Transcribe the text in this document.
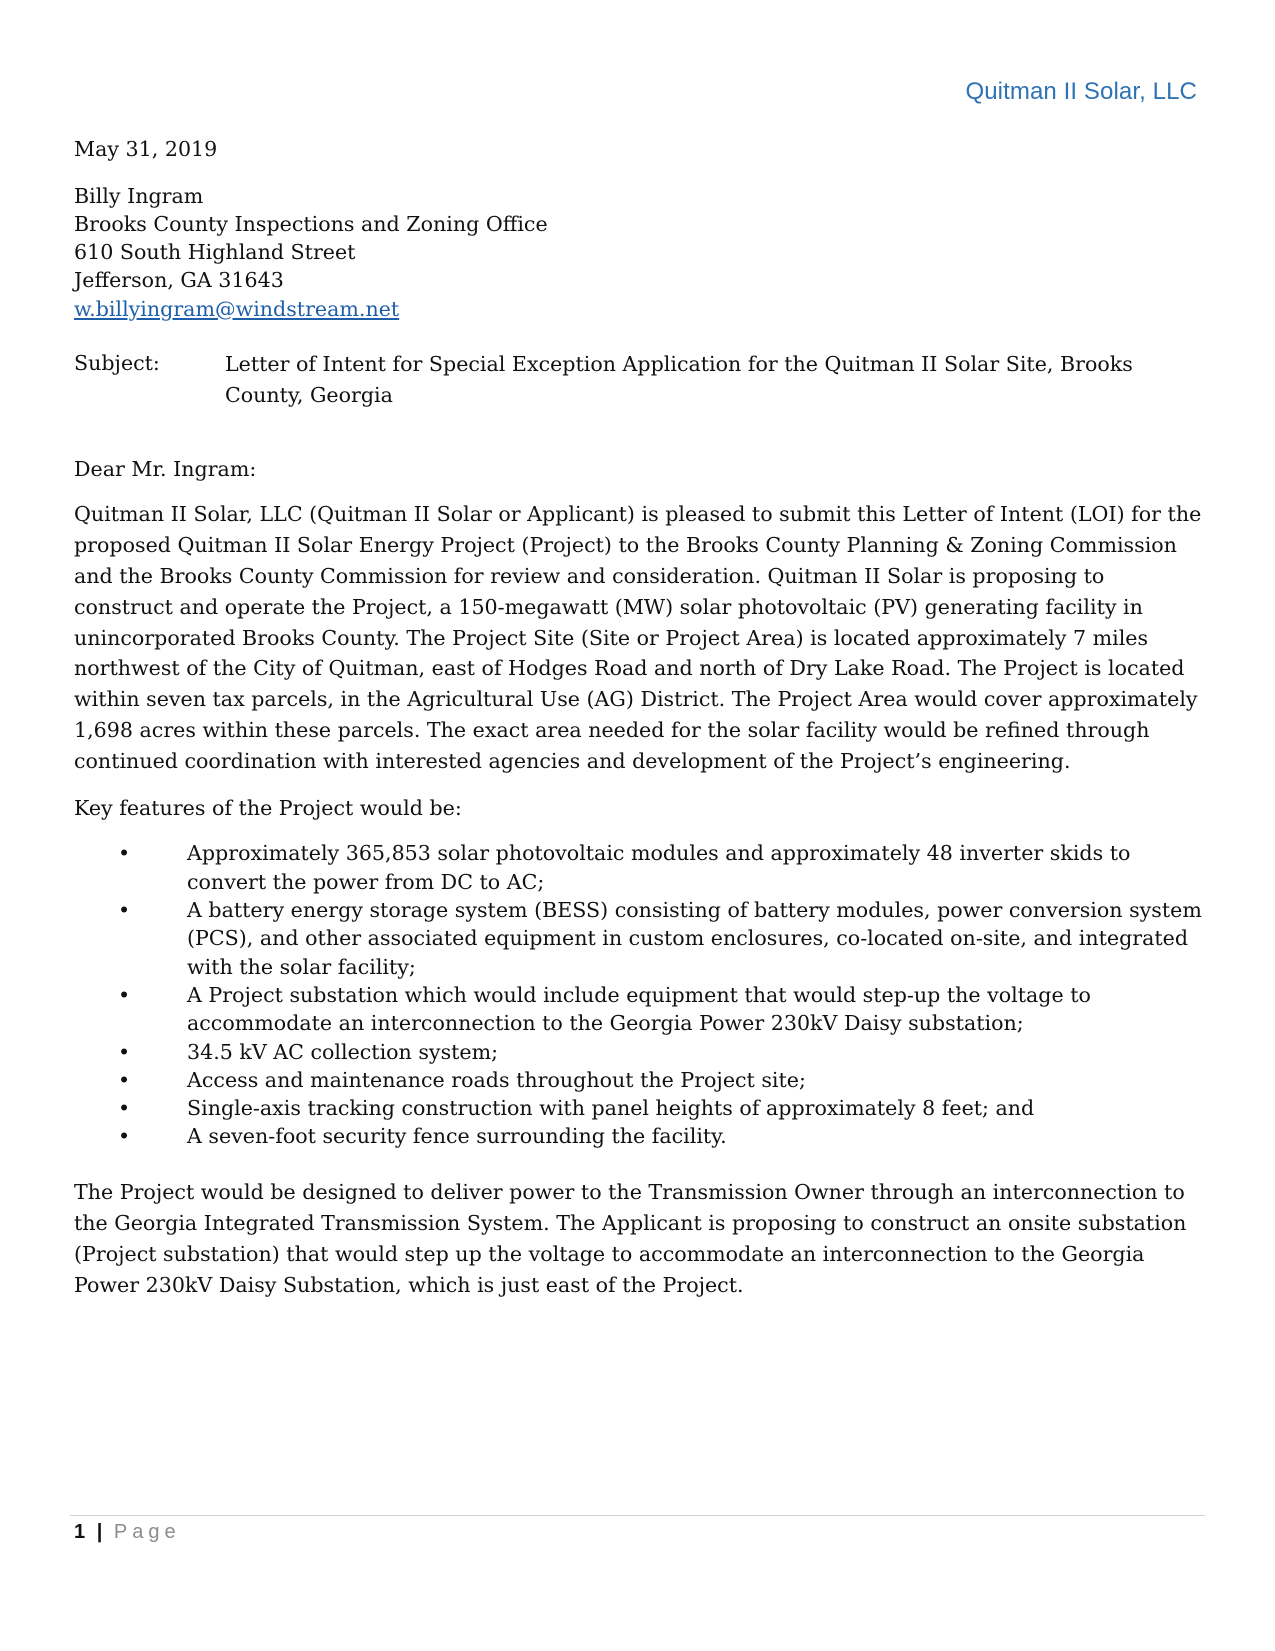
Quitman II Solar, LLC

May 31, 2019

Billy Ingram

Brooks County Inspections and Zoning Office

610 South Highland Street

Jefferson, GA 31643

w.billyingram@windstream.net

Subject:	Letter of Intent for Special Exception Application for the Quitman II Solar Site, Brooks County, Georgia

Dear Mr. Ingram:

Quitman II Solar, LLC (Quitman II Solar or Applicant) is pleased to submit this Letter of Intent (LOI) for the proposed Quitman II Solar Energy Project (Project) to the Brooks County Planning & Zoning Commission and the Brooks County Commission for review and consideration. Quitman II Solar is proposing to construct and operate the Project, a 150-megawatt (MW) solar photovoltaic (PV) generating facility in unincorporated Brooks County. The Project Site (Site or Project Area) is located approximately 7 miles northwest of the City of Quitman, east of Hodges Road and north of Dry Lake Road. The Project is located within seven tax parcels, in the Agricultural Use (AG) District. The Project Area would cover approximately 1,698 acres within these parcels. The exact area needed for the solar facility would be refined through continued coordination with interested agencies and development of the Project’s engineering.

Key features of the Project would be:

•	Approximately 365,853 solar photovoltaic modules and approximately 48 inverter skids to convert the power from DC to AC;
•	A battery energy storage system (BESS) consisting of battery modules, power conversion system (PCS), and other associated equipment in custom enclosures, co-located on-site, and integrated with the solar facility;
•	A Project substation which would include equipment that would step-up the voltage to accommodate an interconnection to the Georgia Power 230kV Daisy substation;
•	34.5 kV AC collection system;
•	Access and maintenance roads throughout the Project site;
•	Single-axis tracking construction with panel heights of approximately 8 feet; and
•	A seven-foot security fence surrounding the facility.

The Project would be designed to deliver power to the Transmission Owner through an interconnection to the Georgia Integrated Transmission System. The Applicant is proposing to construct an onsite substation (Project substation) that would step up the voltage to accommodate an interconnection to the Georgia Power 230kV Daisy Substation, which is just east of the Project.

1 | Page
